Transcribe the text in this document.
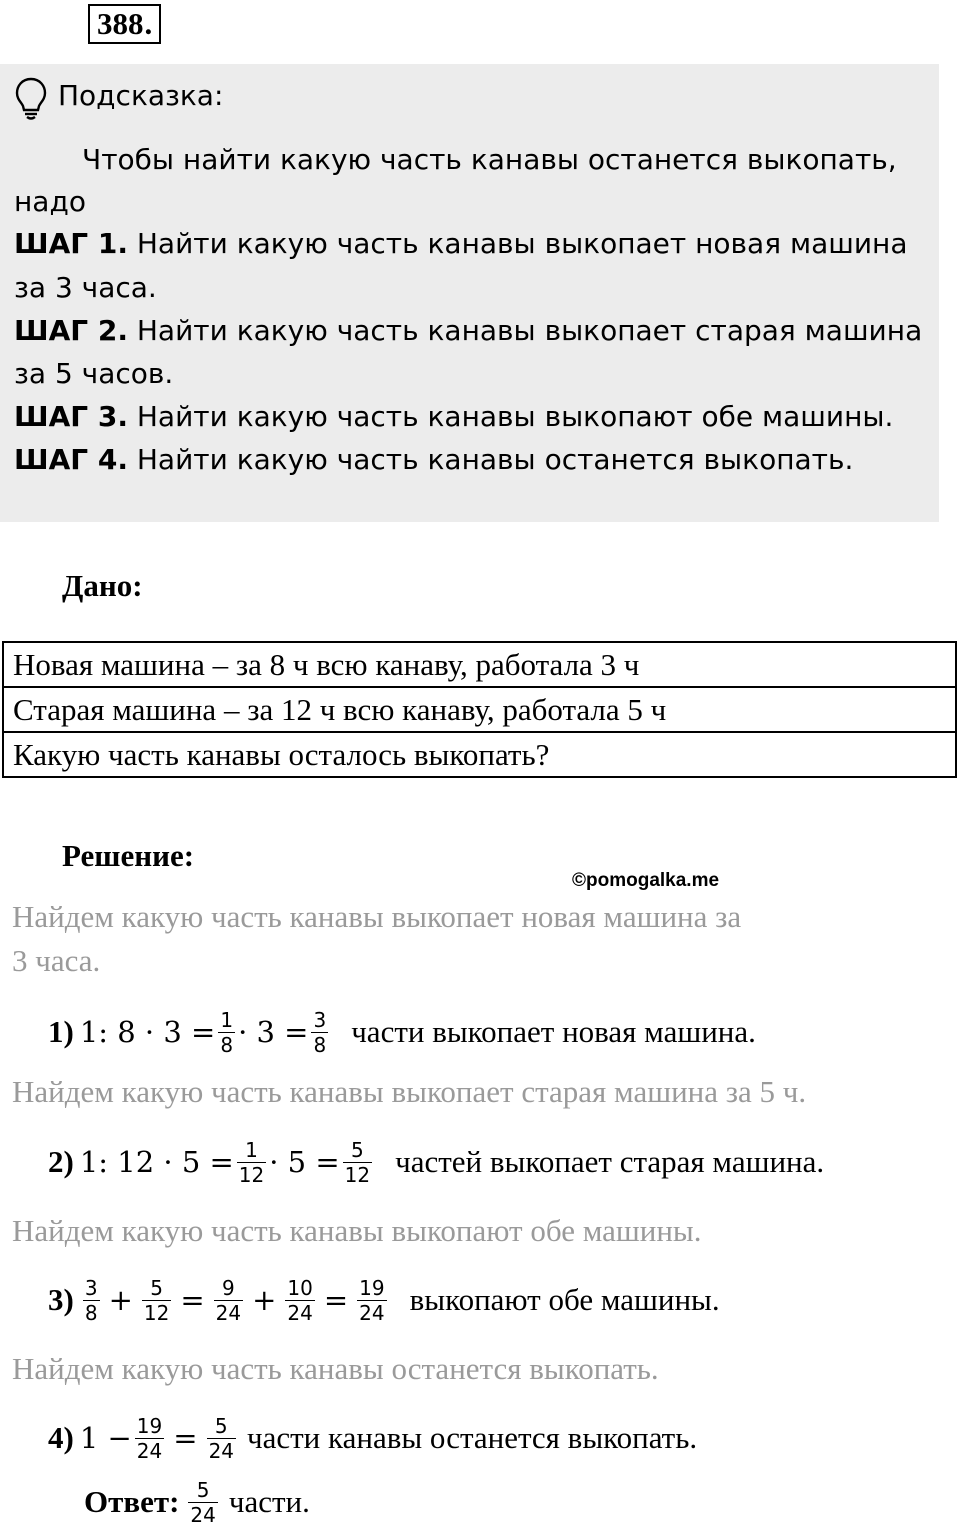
388.
Подсказка:
Чтобы найти какую часть канавы останется выкопать,
надо
ШАГ 1. Найти какую часть канавы выкопает новая машина
за 3 часа.
ШАГ 2. Найти какую часть канавы выкопает старая машина
за 5 часов.
ШАГ 3. Найти какую часть канавы выкопают обе машины.
ШАГ 4. Найти какую часть канавы останется выкопать.
Дано:
Новая машина – за 8 ч всю канаву, работала 3 ч
Старая машина – за 12 ч всю канаву, работала 5 ч
Какую часть канавы осталось выкопать?
Решение:
©pomogalka.me
Найдем какую часть канавы выкопает новая машина за
3 часа.
1) 1: $8 \cdot 3 = \frac{1}{8} \cdot 3 = \frac{3}{8}$ части выкопает новая машина.
Найдем какую часть канавы выкопает старая машина за 5 ч.
2) 1: $12 \cdot 5 = \frac{1}{12} \cdot 5 = \frac{5}{12}$ частей выкопает старая машина.
Найдем какую часть канавы выкопают обе машины.
$3) \frac{3}{8} + \frac{5}{12} = \frac{9}{24} + \frac{10}{24} = \frac{19}{24}$ выкопают обе машины.
Найдем какую часть канавы останется выкопать.
4) $1 - \frac{19}{24} = \frac{5}{24}$ части канавы останется выкопать.
Ответ: $\frac{5}{24}$ части.
